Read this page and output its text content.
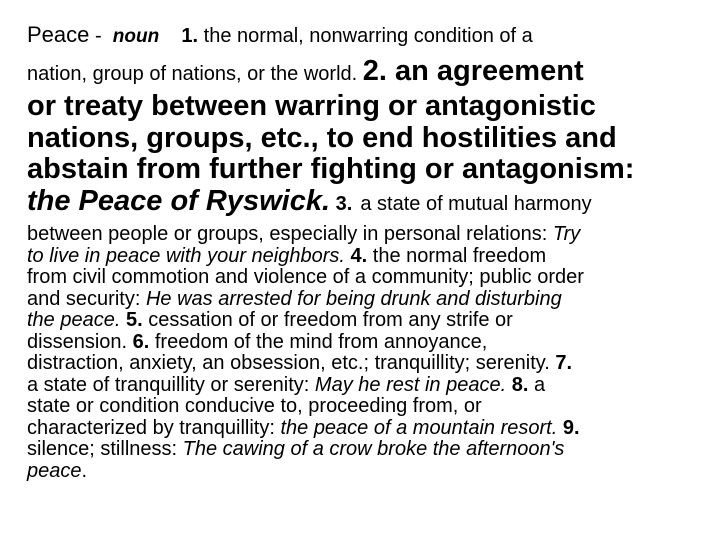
Peace - noun 1. the normal, nonwarring condition of a
nation, group of nations, or the world. 2. an agreement
or treaty between warring or antagonistic
nations, groups, etc., to end hostilities and
abstain from further fighting or antagonism:
the Peace of Ryswick. 3. a state of mutual harmony
between people or groups, especially in personal relations: Try
to live in peace with your neighbors. 4. the normal freedom
from civil commotion and violence of a community; public order
and security: He was arrested for being drunk and disturbing
the peace. 5. cessation of or freedom from any strife or
dissension. 6. freedom of the mind from annoyance,
distraction, anxiety, an obsession, etc.; tranquillity; serenity. 7.
a state of tranquillity or serenity: May he rest in peace. 8. a
state or condition conducive to, proceeding from, or
characterized by tranquillity: the peace of a mountain resort. 9.
silence; stillness: The cawing of a crow broke the afternoon's
peace.
